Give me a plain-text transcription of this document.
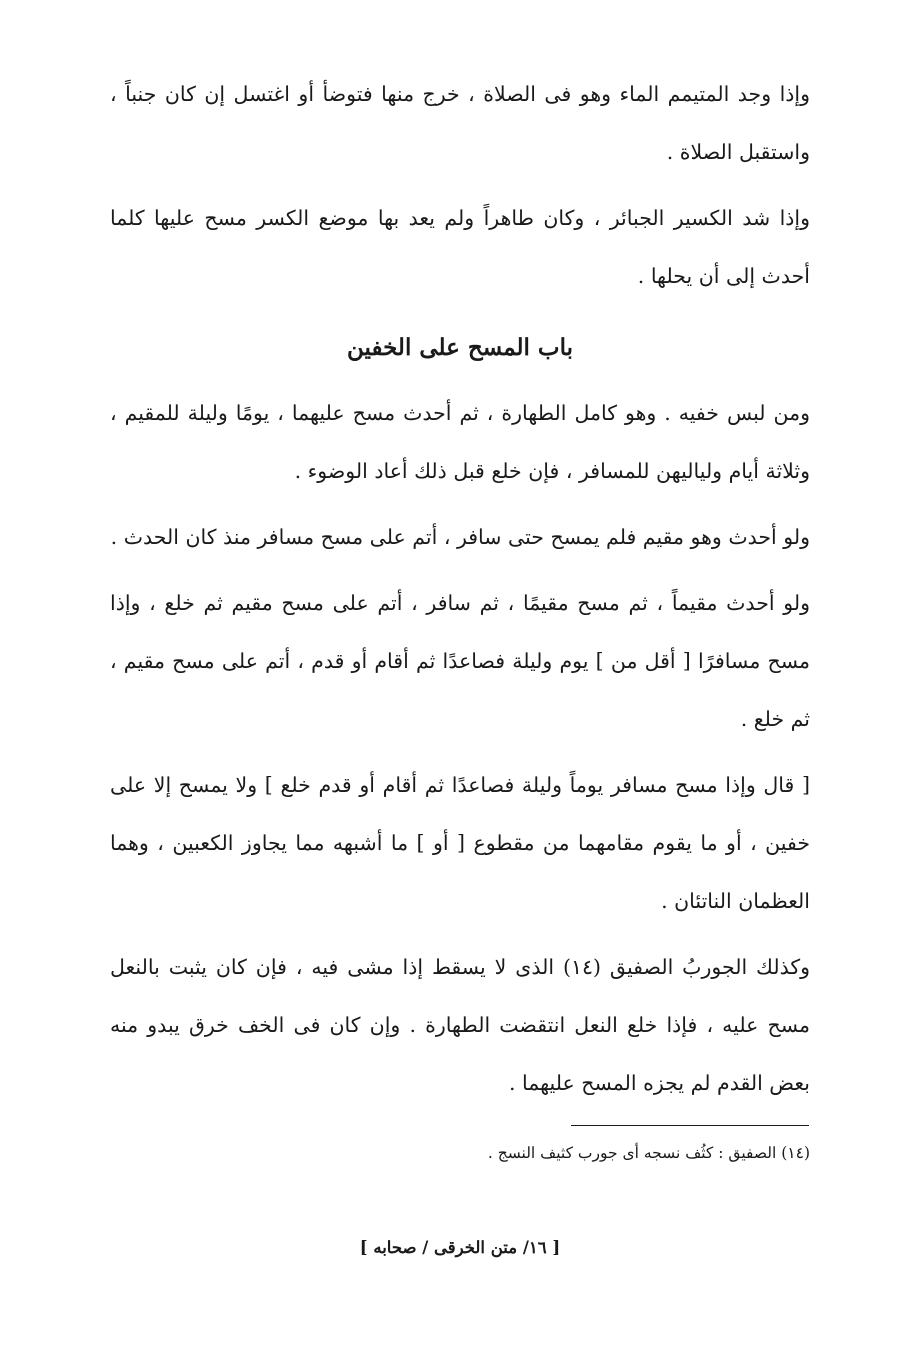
وإذا وجد المتيمم الماء وهو فى الصلاة ، خرج منها فتوضأ أو اغتسل إن كان جنباً ، واستقبل الصلاة .

وإذا شد الكسير الجبائر ، وكان طاهراً ولم يعد بها موضع الكسر مسح عليها كلما أحدث إلى أن يحلها .

باب المسح على الخفين

ومن لبس خفيه . وهو كامل الطهارة ، ثم أحدث مسح عليهما ، يومًا وليلة للمقيم ، وثلاثة أيام ولياليهن للمسافر ، فإن خلع قبل ذلك أعاد الوضوء .

ولو أحدث وهو مقيم فلم يمسح حتى سافر ، أتم على مسح مسافر منذ كان الحدث .

ولو أحدث مقيماً ، ثم مسح مقيمًا ، ثم سافر ، أتم على مسح مقيم ثم خلع ، وإذا مسح مسافرًا [ أقل من ] يوم وليلة فصاعدًا ثم أقام أو قدم ، أتم على مسح مقيم ، ثم خلع .

[ قال وإذا مسح مسافر يوماً وليلة فصاعدًا ثم أقام أو قدم خلع ] ولا يمسح إلا على خفين ، أو ما يقوم مقامهما من مقطوع [ أو ] ما أشبهه مما يجاوز الكعبين ، وهما العظمان الناتئان .

وكذلك الجوربُ الصفيق (١٤) الذى لا يسقط إذا مشى فيه ، فإن كان يثبت بالنعل مسح عليه ، فإذا خلع النعل انتقضت الطهارة . وإن كان فى الخف خرق يبدو منه بعض القدم لم يجزه المسح عليهما .

(١٤) الصفيق : كثُف نسجه أى جورب كثيف النسج .
[ ١٦/ متن الخرقى / صحابه ]
